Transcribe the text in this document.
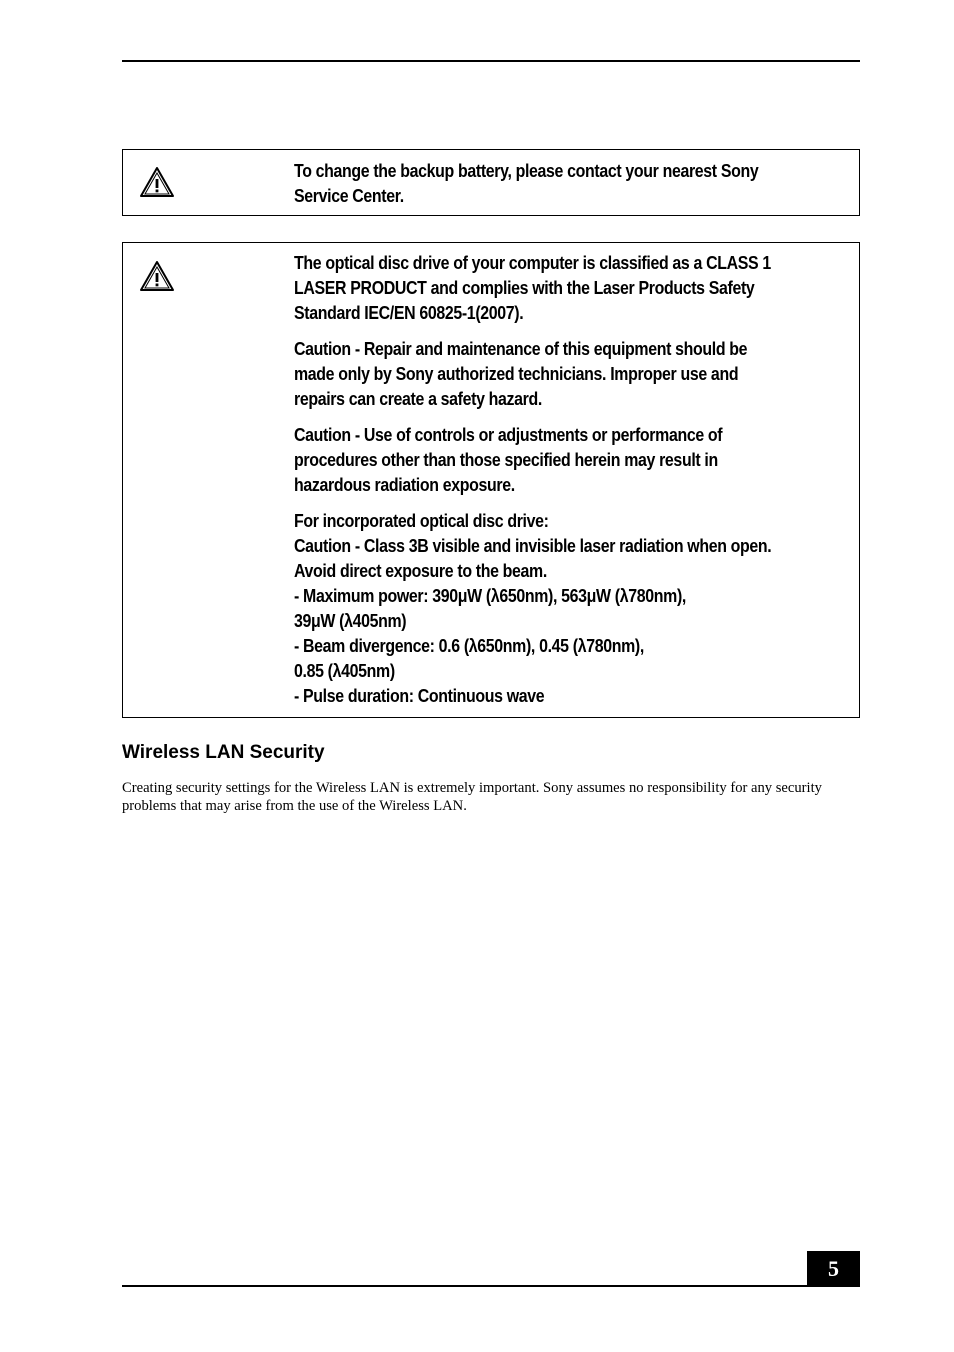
To change the backup battery, please contact your nearest Sony
Service Center.

The optical disc drive of your computer is classified as a CLASS 1
LASER PRODUCT and complies with the Laser Products Safety
Standard IEC/EN 60825-1(2007).

Caution - Repair and maintenance of this equipment should be
made only by Sony authorized technicians. Improper use and
repairs can create a safety hazard.

Caution - Use of controls or adjustments or performance of
procedures other than those specified herein may result in
hazardous radiation exposure.

For incorporated optical disc drive:
Caution - Class 3B visible and invisible laser radiation when open.
Avoid direct exposure to the beam.
- Maximum power: 390μW (λ650nm), 563μW (λ780nm),
39μW (λ405nm)
- Beam divergence: 0.6 (λ650nm), 0.45 (λ780nm),
0.85 (λ405nm)
- Pulse duration: Continuous wave

Wireless LAN Security

Creating security settings for the Wireless LAN is extremely important. Sony assumes no responsibility for any security problems that may arise from the use of the Wireless LAN.

5
